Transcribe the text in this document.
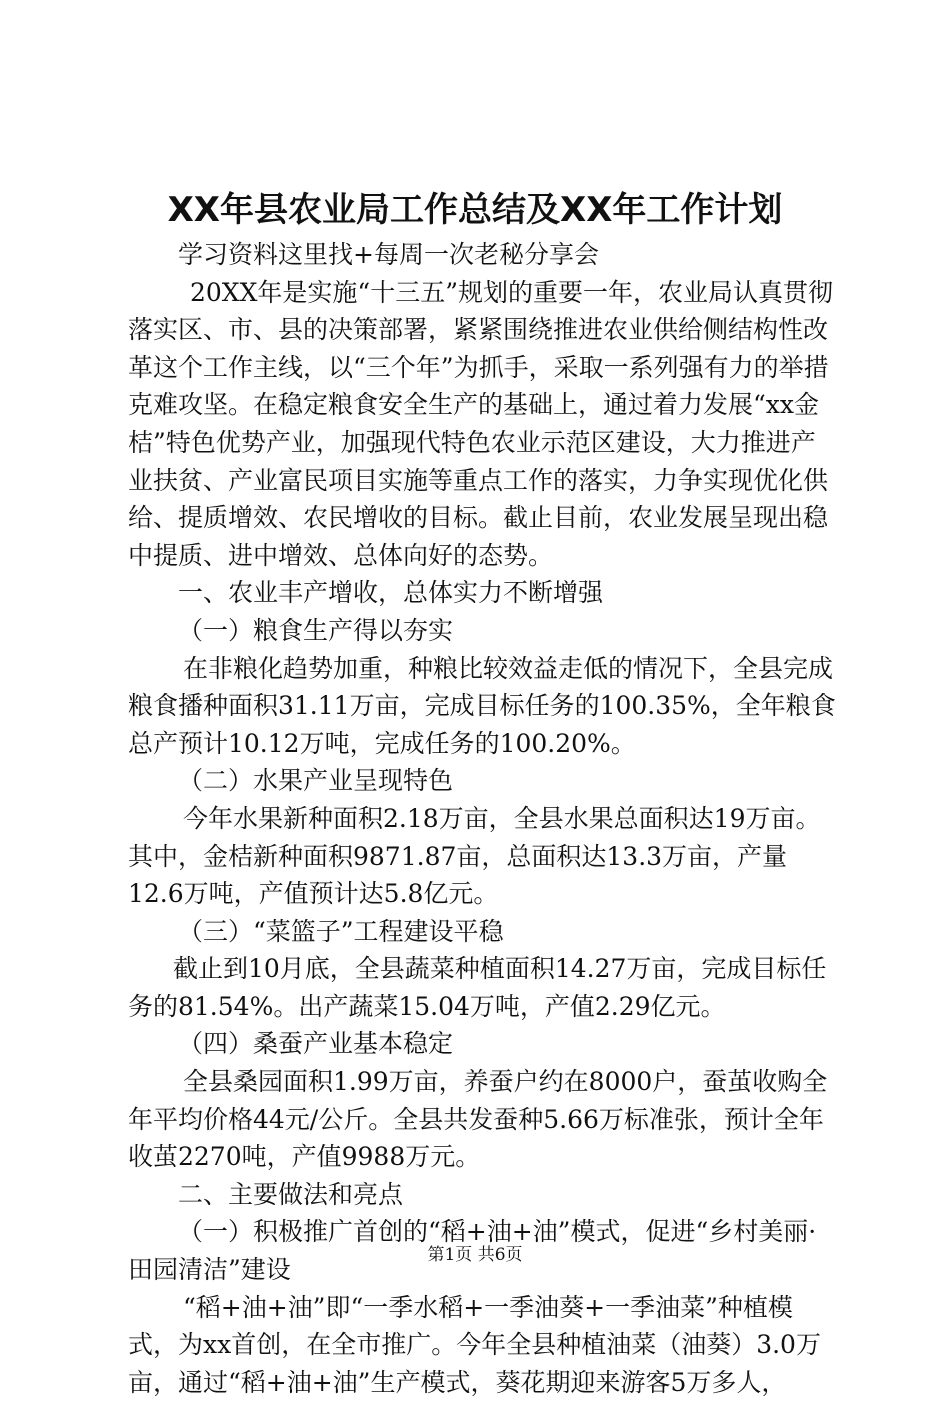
XX年县农业局工作总结及XX年工作计划

学习资料这里找+每周一次老秘分享会

20XX年是实施“十三五”规划的重要一年，农业局认真贯彻落实区、市、县的决策部署，紧紧围绕推进农业供给侧结构性改革这个工作主线，以“三个年”为抓手，采取一系列强有力的举措克难攻坚。在稳定粮食安全生产的基础上，通过着力发展“xx金桔”特色优势产业，加强现代特色农业示范区建设，大力推进产业扶贫、产业富民项目实施等重点工作的落实，力争实现优化供给、提质增效、农民增收的目标。截止目前，农业发展呈现出稳中提质、进中增效、总体向好的态势。

一、农业丰产增收，总体实力不断增强

（一）粮食生产得以夯实

在非粮化趋势加重，种粮比较效益走低的情况下，全县完成粮食播种面积31.11万亩，完成目标任务的100.35%，全年粮食总产预计10.12万吨，完成任务的100.20%。

（二）水果产业呈现特色

今年水果新种面积2.18万亩，全县水果总面积达19万亩。其中，金桔新种面积9871.87亩，总面积达13.3万亩，产量12.6万吨，产值预计达5.8亿元。

（三）“菜篮子”工程建设平稳

截止到10月底，全县蔬菜种植面积14.27万亩，完成目标任务的81.54%。出产蔬菜15.04万吨，产值2.29亿元。

（四）桑蚕产业基本稳定

全县桑园面积1.99万亩，养蚕户约在8000户，蚕茧收购全年平均价格44元/公斤。全县共发蚕种5.66万标准张，预计全年收茧2270吨，产值9988万元。

二、主要做法和亮点

（一）积极推广首创的“稻+油+油”模式，促进“乡村美丽·田园清洁”建设

“稻+油+油”即“一季水稻+一季油葵+一季油菜”种植模式，为xx首创，在全市推广。今年全县种植油菜（油葵）3.0万亩，通过“稻+油+油”生产模式，葵花期迎来游客5万多人，

第1页 共6页
